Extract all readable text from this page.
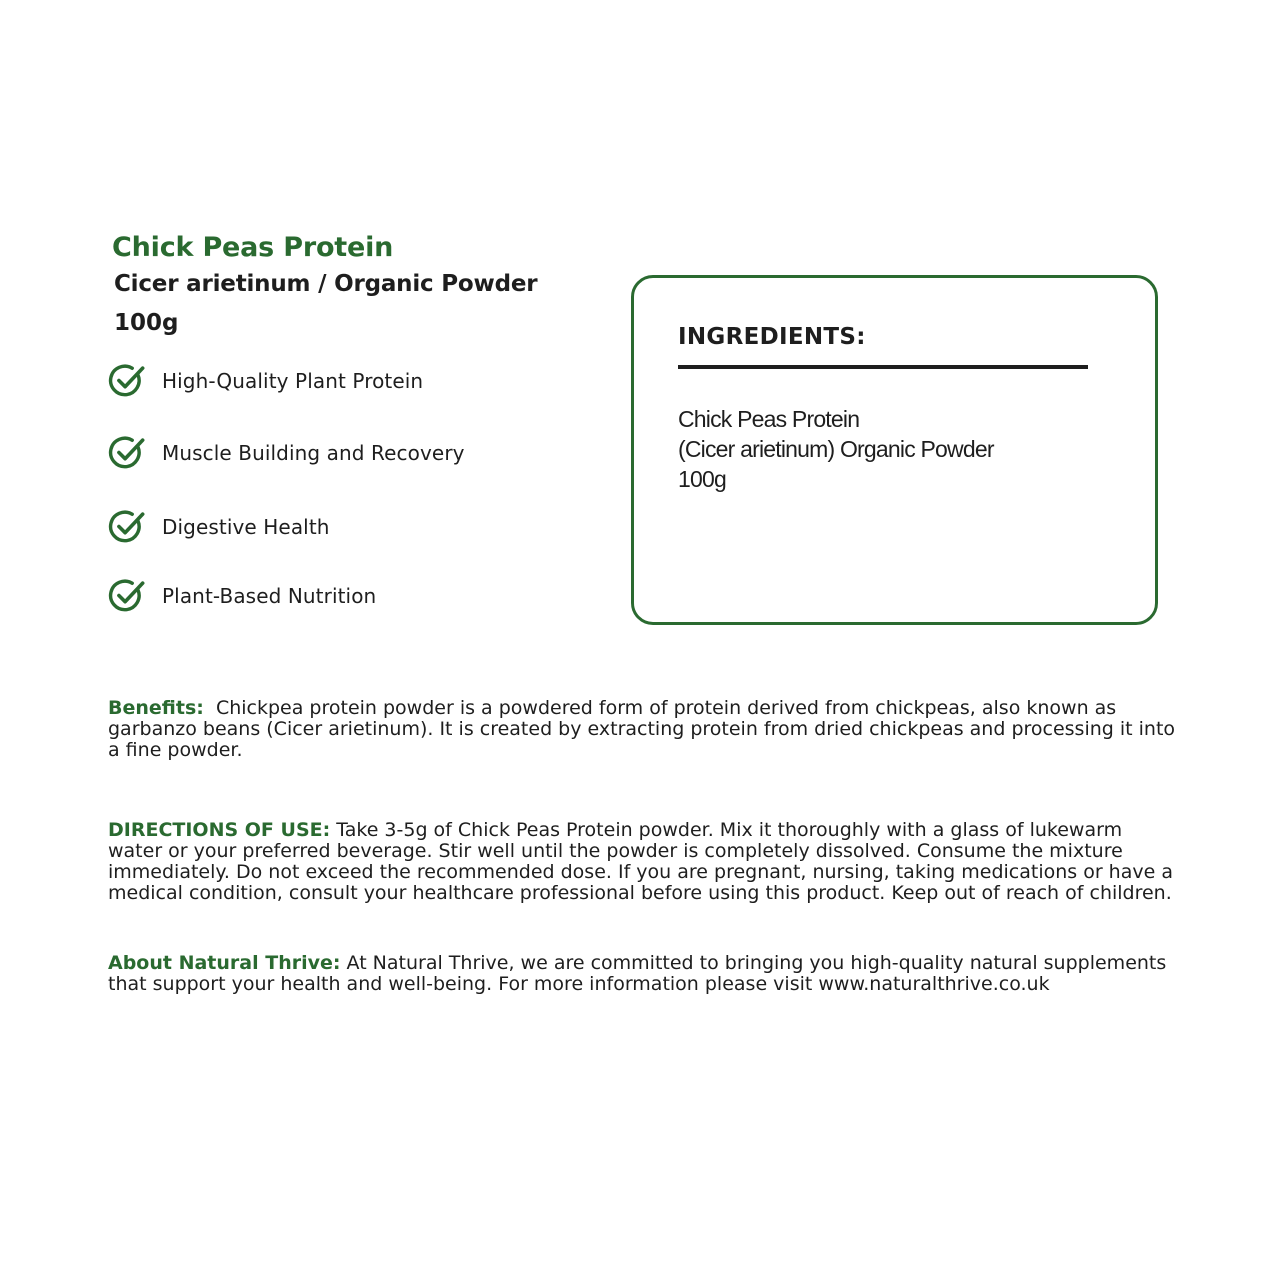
Chick Peas Protein
Cicer arietinum / Organic Powder
100g
High-Quality Plant Protein
Muscle Building and Recovery
Digestive Health
Plant-Based Nutrition
INGREDIENTS:
Chick Peas Protein
(Cicer arietinum) Organic Powder
100g

Benefits: Chickpea protein powder is a powdered form of protein derived from chickpeas, also known as garbanzo beans (Cicer arietinum). It is created by extracting protein from dried chickpeas and processing it into a fine powder.

DIRECTIONS OF USE: Take 3-5g of Chick Peas Protein powder. Mix it thoroughly with a glass of lukewarm water or your preferred beverage. Stir well until the powder is completely dissolved. Consume the mixture immediately. Do not exceed the recommended dose. If you are pregnant, nursing, taking medications or have a medical condition, consult your healthcare professional before using this product. Keep out of reach of children.

About Natural Thrive: At Natural Thrive, we are committed to bringing you high-quality natural supplements that support your health and well-being. For more information please visit www.naturalthrive.co.uk
